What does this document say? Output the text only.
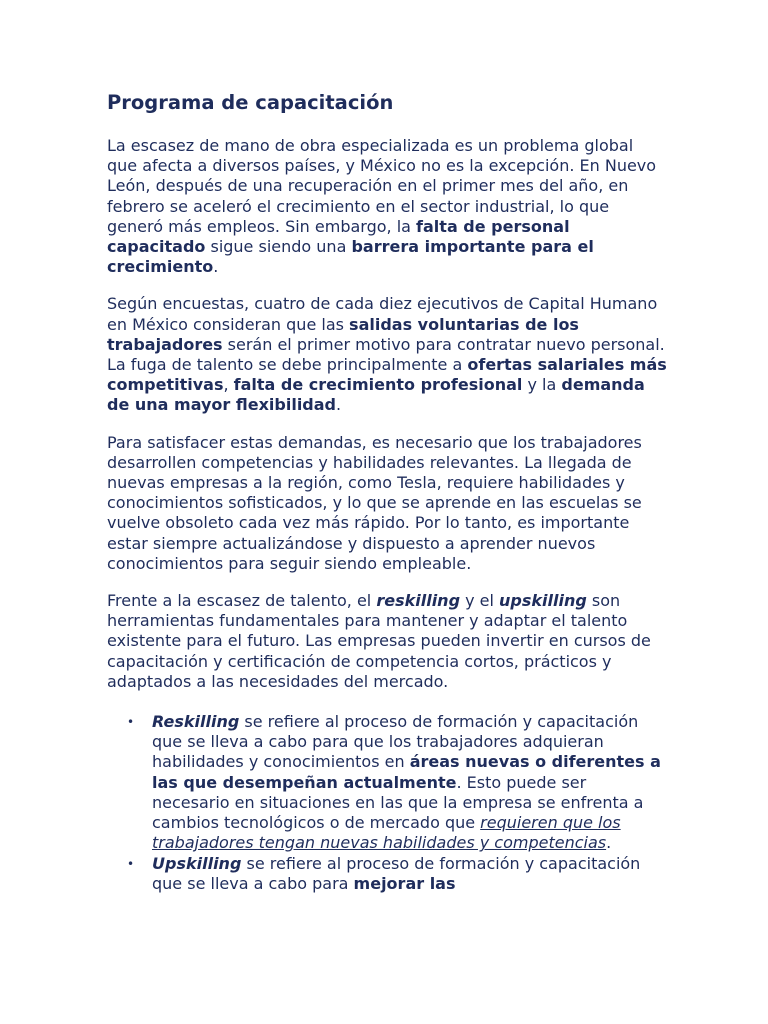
Programa de capacitación

La escasez de mano de obra especializada es un problema global que afecta a diversos países, y México no es la excepción. En Nuevo León, después de una recuperación en el primer mes del año, en febrero se aceleró el crecimiento en el sector industrial, lo que generó más empleos. Sin embargo, la falta de personal capacitado sigue siendo una barrera importante para el crecimiento.

Según encuestas, cuatro de cada diez ejecutivos de Capital Humano en México consideran que las salidas voluntarias de los trabajadores serán el primer motivo para contratar nuevo personal. La fuga de talento se debe principalmente a ofertas salariales más competitivas, falta de crecimiento profesional y la demanda de una mayor flexibilidad.

Para satisfacer estas demandas, es necesario que los trabajadores desarrollen competencias y habilidades relevantes. La llegada de nuevas empresas a la región, como Tesla, requiere habilidades y conocimientos sofisticados, y lo que se aprende en las escuelas se vuelve obsoleto cada vez más rápido. Por lo tanto, es importante estar siempre actualizándose y dispuesto a aprender nuevos conocimientos para seguir siendo empleable.

Frente a la escasez de talento, el reskilling y el upskilling son herramientas fundamentales para mantener y adaptar el talento existente para el futuro. Las empresas pueden invertir en cursos de capacitación y certificación de competencia cortos, prácticos y adaptados a las necesidades del mercado.

• Reskilling se refiere al proceso de formación y capacitación que se lleva a cabo para que los trabajadores adquieran habilidades y conocimientos en áreas nuevas o diferentes a las que desempeñan actualmente. Esto puede ser necesario en situaciones en las que la empresa se enfrenta a cambios tecnológicos o de mercado que requieren que los trabajadores tengan nuevas habilidades y competencias.
• Upskilling se refiere al proceso de formación y capacitación que se lleva a cabo para mejorar las
